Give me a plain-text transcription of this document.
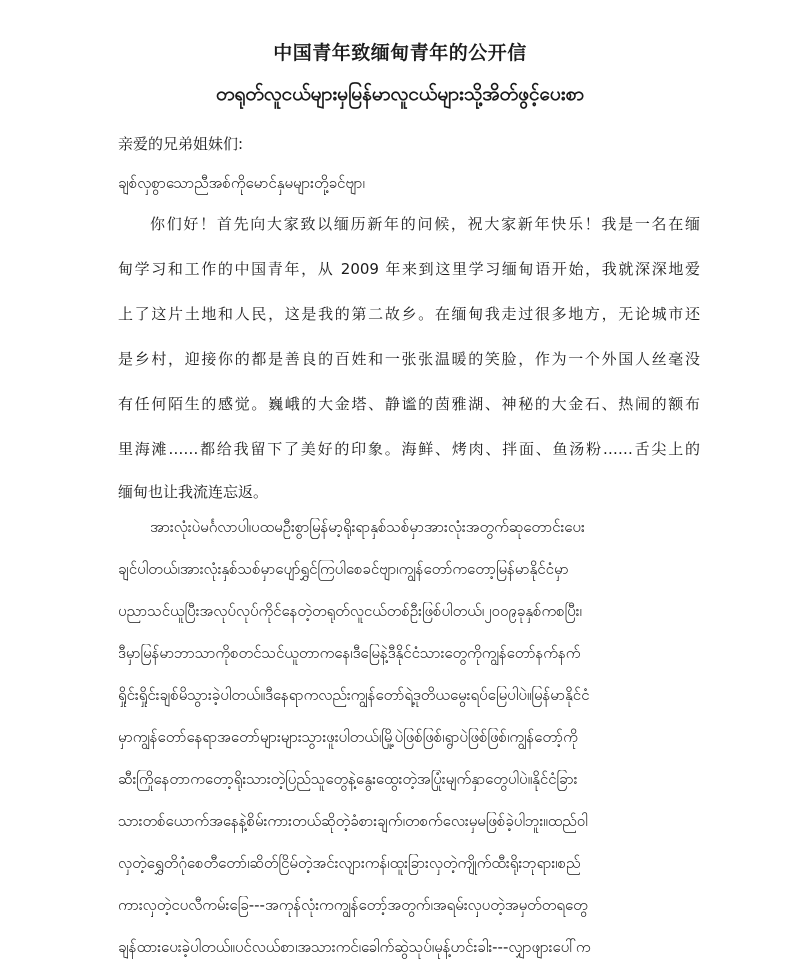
中国青年致缅甸青年的公开信
တရုတ်လူငယ်များမှမြန်မာလူငယ်များသို့အိတ်ဖွင့်ပေးစာ
亲爱的兄弟姐妹们:
ချစ်လှစွာသောညီအစ်ကိုမောင်နှမများတို့ခင်ဗျာ၊
你们好！首先向大家致以缅历新年的问候，祝大家新年快乐！我是一名在缅
甸学习和工作的中国青年，从 2009 年来到这里学习缅甸语开始，我就深深地爱
上了这片土地和人民，这是我的第二故乡。在缅甸我走过很多地方，无论城市还
是乡村，迎接你的都是善良的百姓和一张张温暖的笑脸，作为一个外国人丝毫没
有任何陌生的感觉。巍峨的大金塔、静谧的茵雅湖、神秘的大金石、热闹的额布
里海滩……都给我留下了美好的印象。海鲜、烤肉、拌面、鱼汤粉……舌尖上的
缅甸也让我流连忘返。
အားလုံးပဲမင်္ဂလာပါ၊ပထမဦးစွာမြန်မာ့ရိုးရာနှစ်သစ်မှာအားလုံးအတွက်ဆုတောင်းပေး
ချင်ပါတယ်၊အားလုံးနှစ်သစ်မှာပျော်ရွှင်ကြပါစေခင်ဗျာ၊ကျွန်တော်ကတော့မြန်မာနိုင်ငံမှာ
ပညာသင်ယူပြီးအလုပ်လုပ်ကိုင်နေတဲ့တရုတ်လူငယ်တစ်ဦးဖြစ်ပါတယ်၊၂၀၀၉ခုနှစ်ကစပြီး၊
ဒီမှာမြန်မာဘာသာကိုစတင်သင်ယူတာကနေ၊ဒီမြေနဲ့ဒီနိုင်ငံသားတွေကိုကျွန်တော်နက်နက်
ရှိုင်းရှိုင်းချစ်မိသွားခဲ့ပါတယ်။ဒီနေရာကလည်းကျွန်တော်ရဲ့ဒုတိယမွေးရပ်မြေပါပဲ။မြန်မာနိုင်ငံ
မှာကျွန်တော်နေရာအတော်များများသွားဖူးပါတယ်၊မြို့ပဲဖြစ်ဖြစ်၊ရွာပဲဖြစ်ဖြစ်၊ကျွန်တော့်ကို
ဆီးကြိုနေတာကတော့ရိုးသားတဲ့ပြည်သူတွေနဲ့နွေးထွေးတဲ့အပြုံးမျက်နှာတွေပါပဲ။နိုင်ငံခြား
သားတစ်ယောက်အနေနဲ့စိမ်းကားတယ်ဆိုတဲ့ခံစားချက်၊တစက်လေးမှမဖြစ်ခဲ့ပါဘူး။ထည်ဝါ
လှတဲ့ရွှေတိဂုံစေတီတော်၊ဆိတ်ငြိမ်တဲ့အင်းလျားကန်၊ထူးခြားလှတဲ့ကျိုက်ထီးရိုးဘုရား၊စည်
ကားလှတဲ့ငပလီကမ်းခြေ---အကုန်လုံးကကျွန်တော့်အတွက်၊အရမ်းလှပတဲ့အမှတ်တရတွေ
ချန်ထားပေးခဲ့ပါတယ်။ပင်လယ်စာ၊အသားကင်၊ခေါက်ဆွဲသုပ်၊မုန့်ဟင်းခါး---လျှာဖျားပေါ်က
